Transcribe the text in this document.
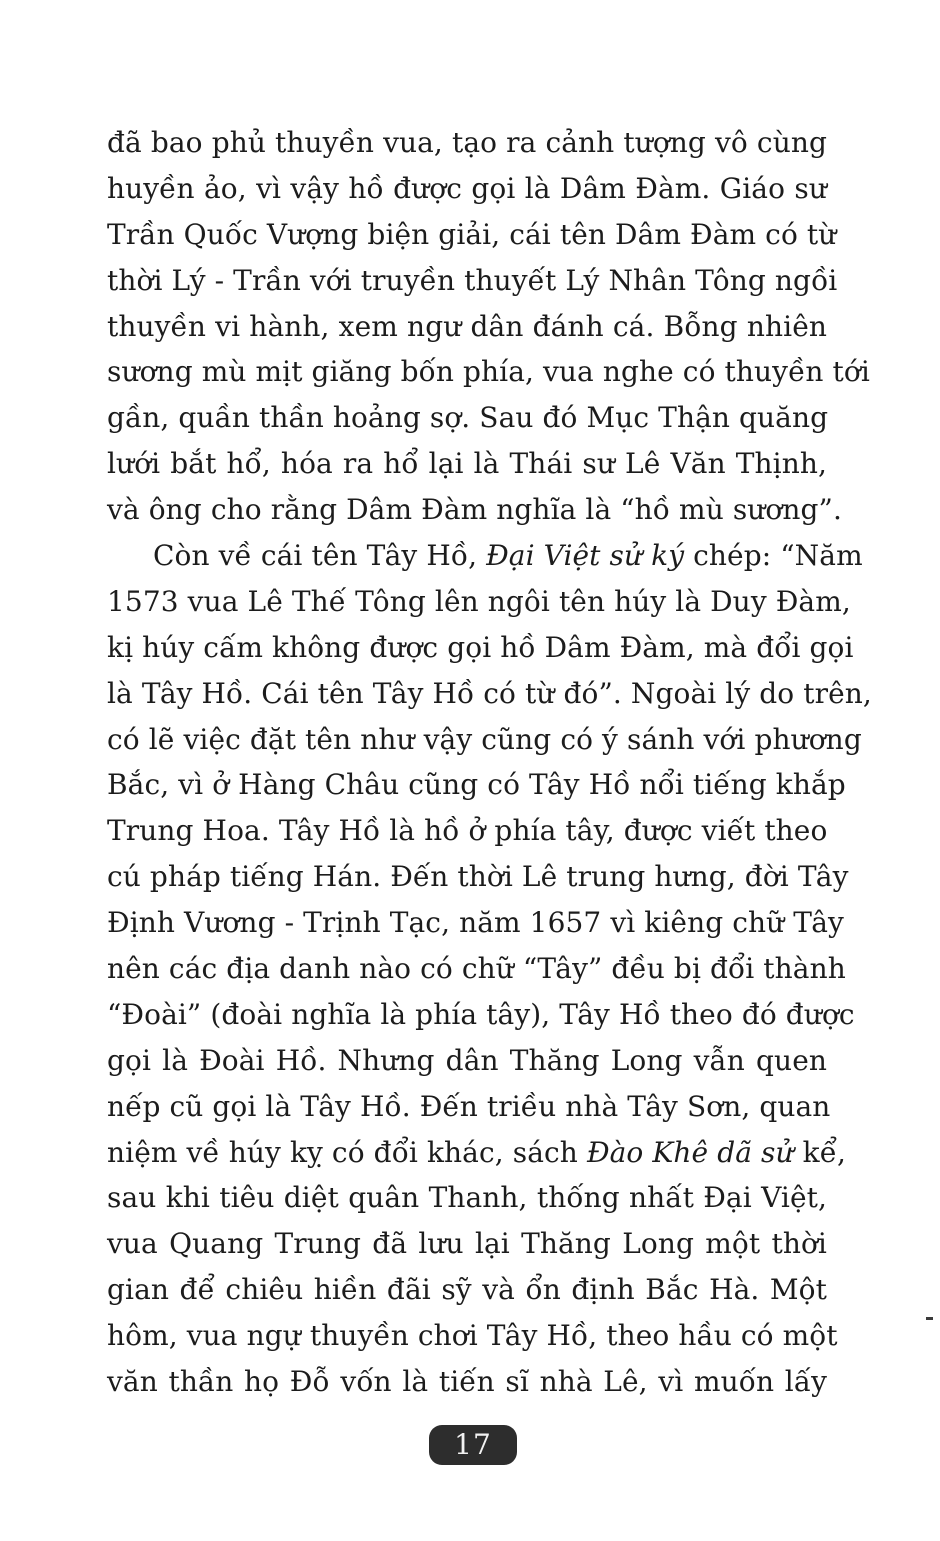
đã bao phủ thuyền vua, tạo ra cảnh tượng vô cùng
huyền ảo, vì vậy hồ được gọi là Dâm Đàm. Giáo sư
Trần Quốc Vượng biện giải, cái tên Dâm Đàm có từ
thời Lý - Trần với truyền thuyết Lý Nhân Tông ngồi
thuyền vi hành, xem ngư dân đánh cá. Bỗng nhiên
sương mù mịt giăng bốn phía, vua nghe có thuyền tới
gần, quần thần hoảng sợ. Sau đó Mục Thận quăng
lưới bắt hổ, hóa ra hổ lại là Thái sư Lê Văn Thịnh,
và ông cho rằng Dâm Đàm nghĩa là “hồ mù sương”.
Còn về cái tên Tây Hồ, Đại Việt sử ký chép: “Năm
1573 vua Lê Thế Tông lên ngôi tên húy là Duy Đàm,
kị húy cấm không được gọi hồ Dâm Đàm, mà đổi gọi
là Tây Hồ. Cái tên Tây Hồ có từ đó”. Ngoài lý do trên,
có lẽ việc đặt tên như vậy cũng có ý sánh với phương
Bắc, vì ở Hàng Châu cũng có Tây Hồ nổi tiếng khắp
Trung Hoa. Tây Hồ là hồ ở phía tây, được viết theo
cú pháp tiếng Hán. Đến thời Lê trung hưng, đời Tây
Định Vương - Trịnh Tạc, năm 1657 vì kiêng chữ Tây
nên các địa danh nào có chữ “Tây” đều bị đổi thành
“Đoài” (đoài nghĩa là phía tây), Tây Hồ theo đó được
gọi là Đoài Hồ. Nhưng dân Thăng Long vẫn quen
nếp cũ gọi là Tây Hồ. Đến triều nhà Tây Sơn, quan
niệm về húy kỵ có đổi khác, sách Đào Khê dã sử kể,
sau khi tiêu diệt quân Thanh, thống nhất Đại Việt,
vua Quang Trung đã lưu lại Thăng Long một thời
gian để chiêu hiền đãi sỹ và ổn định Bắc Hà. Một
hôm, vua ngự thuyền chơi Tây Hồ, theo hầu có một
văn thần họ Đỗ vốn là tiến sĩ nhà Lê, vì muốn lấy
17
